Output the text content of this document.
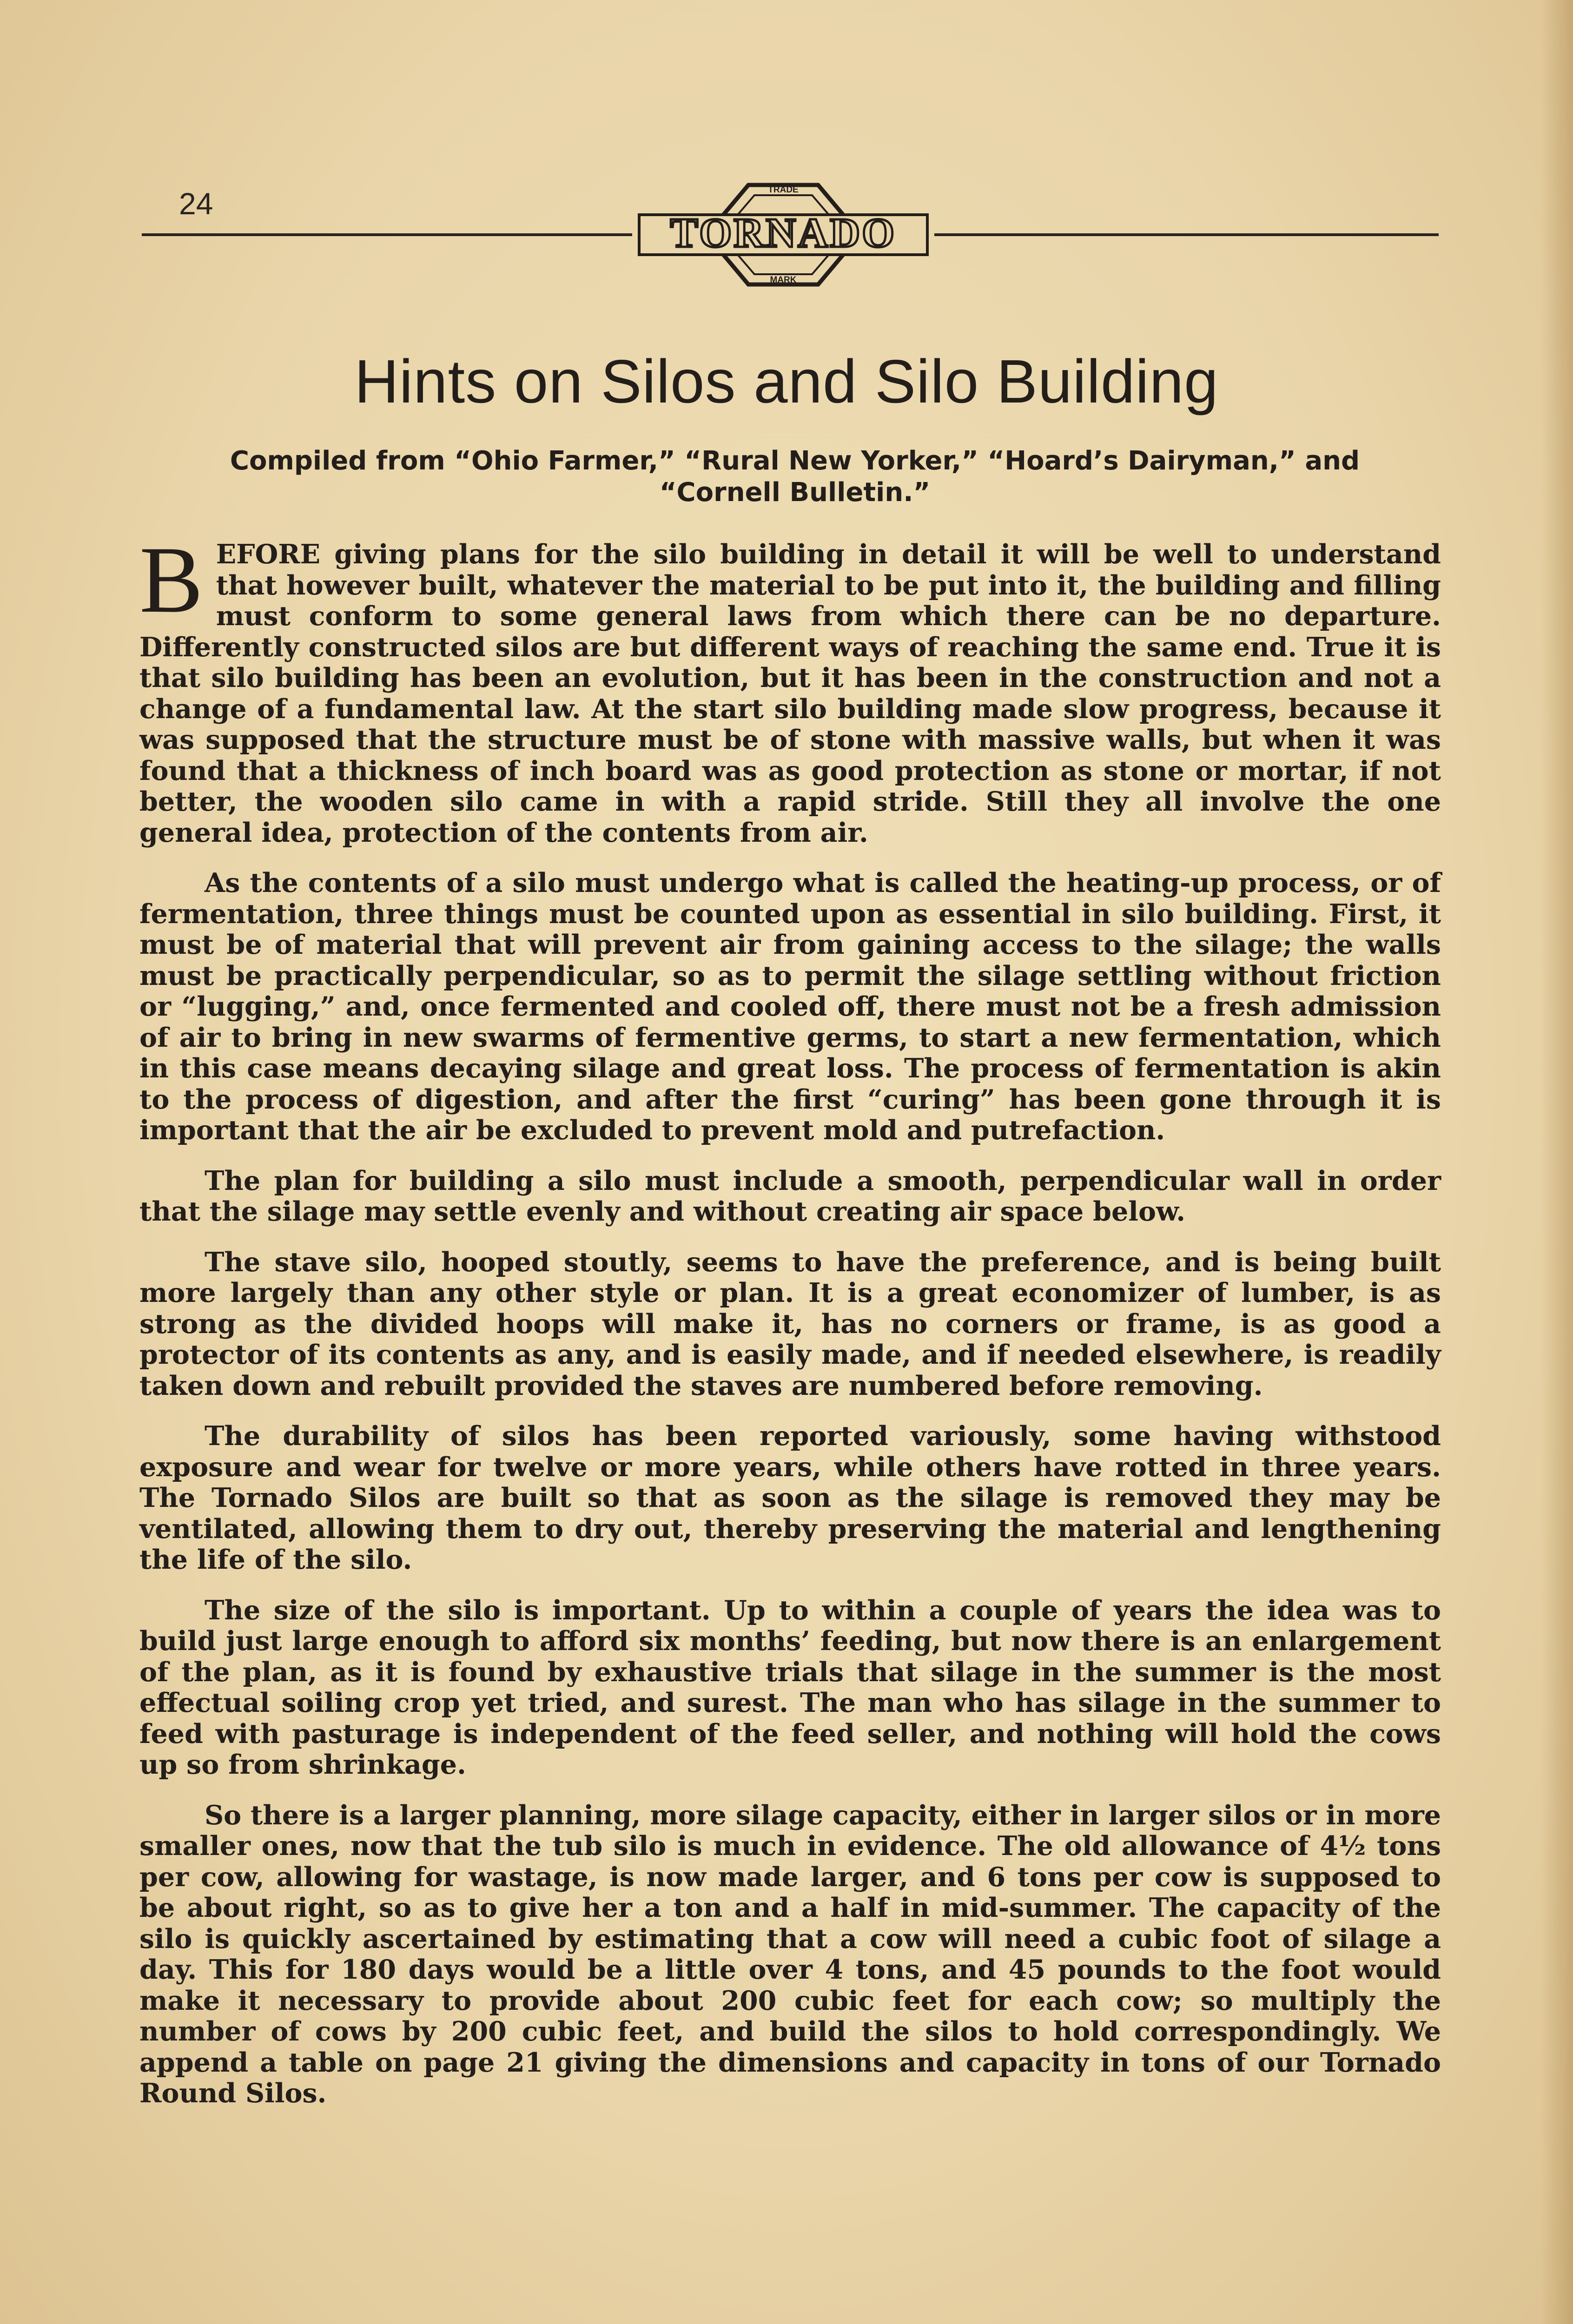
24	TRADE
MARK
TORNADO
Hints on Silos and Silo Building
Compiled from “Ohio Farmer,” “Rural New Yorker,” “Hoard’s Dairyman,” and “Cornell Bulletin.”

BEFORE giving plans for the silo building in detail it will be well to understand that however built, whatever the material to be put into it, the building and filling must conform to some general laws from which there can be no departure. Differently constructed silos are but different ways of reaching the same end. True it is that silo building has been an evolution, but it has been in the construction and not a change of a fundamental law. At the start silo building made slow progress, because it was supposed that the structure must be of stone with massive walls, but when it was found that a thickness of inch board was as good protection as stone or mortar, if not better, the wooden silo came in with a rapid stride. Still they all involve the one general idea, protection of the contents from air.

As the contents of a silo must undergo what is called the heating-up process, or of fermentation, three things must be counted upon as essential in silo building. First, it must be of material that will prevent air from gaining access to the silage; the walls must be practically perpendicular, so as to permit the silage settling without friction or “lugging,” and, once fermented and cooled off, there must not be a fresh admission of air to bring in new swarms of fermentive germs, to start a new fermentation, which in this case means decaying silage and great loss. The process of fermentation is akin to the process of digestion, and after the first “curing” has been gone through it is important that the air be excluded to prevent mold and putrefaction.

The plan for building a silo must include a smooth, perpendicular wall in order that the silage may settle evenly and without creating air space below.

The stave silo, hooped stoutly, seems to have the preference, and is being built more largely than any other style or plan. It is a great economizer of lumber, is as strong as the divided hoops will make it, has no corners or frame, is as good a protector of its contents as any, and is easily made, and if needed elsewhere, is readily taken down and rebuilt provided the staves are numbered before removing.

The durability of silos has been reported variously, some having withstood exposure and wear for twelve or more years, while others have rotted in three years. The Tornado Silos are built so that as soon as the silage is removed they may be ventilated, allowing them to dry out, thereby preserving the material and lengthening the life of the silo.

The size of the silo is important. Up to within a couple of years the idea was to build just large enough to afford six months’ feeding, but now there is an enlargement of the plan, as it is found by exhaustive trials that silage in the summer is the most effectual soiling crop yet tried, and surest. The man who has silage in the summer to feed with pasturage is independent of the feed seller, and nothing will hold the cows up so from shrinkage.

So there is a larger planning, more silage capacity, either in larger silos or in more smaller ones, now that the tub silo is much in evidence. The old allowance of 4½ tons per cow, allowing for wastage, is now made larger, and 6 tons per cow is supposed to be about right, so as to give her a ton and a half in mid-summer. The capacity of the silo is quickly ascertained by estimating that a cow will need a cubic foot of silage a day. This for 180 days would be a little over 4 tons, and 45 pounds to the foot would make it necessary to provide about 200 cubic feet for each cow; so multiply the number of cows by 200 cubic feet, and build the silos to hold correspondingly. We append a table on page 21 giving the dimensions and capacity in tons of our Tornado Round Silos.
